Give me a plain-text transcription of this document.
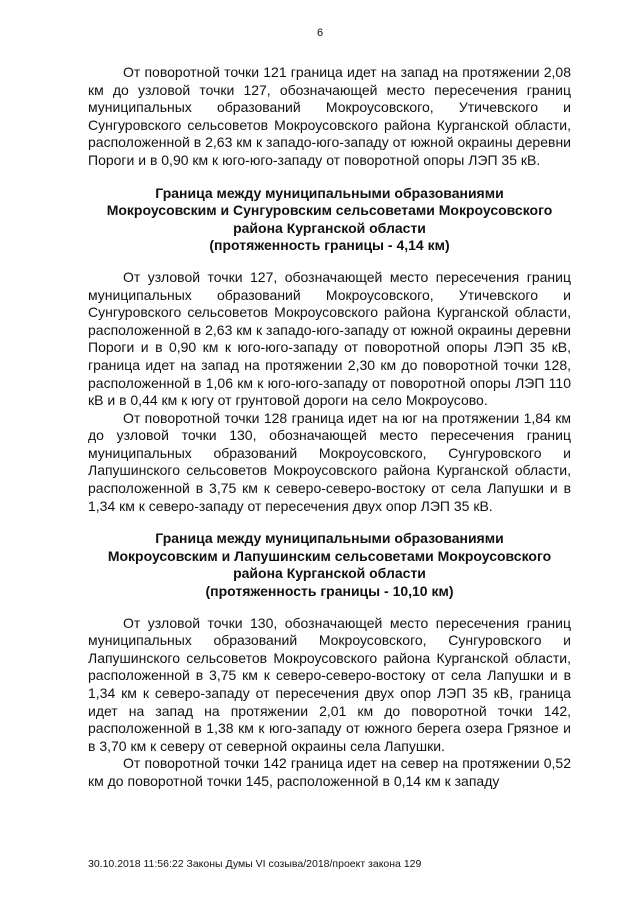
6

От поворотной точки 121 граница идет на запад на протяжении 2,08 км до узловой точки 127, обозначающей место пересечения границ муниципальных образований Мокроусовского, Утичевского и Сунгуровского сельсоветов Мокроусовского района Курганской области, расположенной в 2,63 км к западо-юго-западу от южной окраины деревни Пороги и в 0,90 км к юго-юго-западу от поворотной опоры ЛЭП 35 кВ.

Граница между муниципальными образованиями
Мокроусовским и Сунгуровским сельсоветами Мокроусовского
района Курганской области
(протяженность границы - 4,14 км)

От узловой точки 127, обозначающей место пересечения границ муниципальных образований Мокроусовского, Утичевского и Сунгуровского сельсоветов Мокроусовского района Курганской области, расположенной в 2,63 км к западо-юго-западу от южной окраины деревни Пороги и в 0,90 км к юго-юго-западу от поворотной опоры ЛЭП 35 кВ, граница идет на запад на протяжении 2,30 км до поворотной точки 128, расположенной в 1,06 км к юго-юго-западу от поворотной опоры ЛЭП 110 кВ и в 0,44 км к югу от грунтовой дороги на село Мокроусово.

От поворотной точки 128 граница идет на юг на протяжении 1,84 км до узловой точки 130, обозначающей место пересечения границ муниципальных образований Мокроусовского, Сунгуровского и Лапушинского сельсоветов Мокроусовского района Курганской области, расположенной в 3,75 км к северо-северо-востоку от села Лапушки и в 1,34 км к северо-западу от пересечения двух опор ЛЭП 35 кВ.

Граница между муниципальными образованиями
Мокроусовским и Лапушинским сельсоветами Мокроусовского
района Курганской области
(протяженность границы - 10,10 км)

От узловой точки 130, обозначающей место пересечения границ муниципальных образований Мокроусовского, Сунгуровского и Лапушинского сельсоветов Мокроусовского района Курганской области, расположенной в 3,75 км к северо-северо-востоку от села Лапушки и в 1,34 км к северо-западу от пересечения двух опор ЛЭП 35 кВ, граница идет на запад на протяжении 2,01 км до поворотной точки 142, расположенной в 1,38 км к юго-западу от южного берега озера Грязное и в 3,70 км к северу от северной окраины села Лапушки.

От поворотной точки 142 граница идет на север на протяжении 0,52 км до поворотной точки 145, расположенной в 0,14 км к западу

30.10.2018 11:56:22 Законы Думы VI созыва/2018/проект закона 129
